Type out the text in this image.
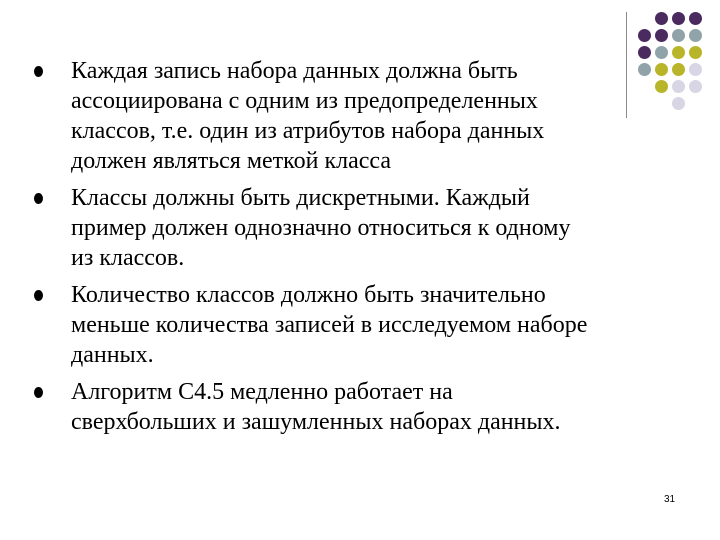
Каждая запись набора данных должна быть
ассоциирована с одним из предопределенных
классов, т.е. один из атрибутов набора данных
должен являться меткой класса
Классы должны быть дискретными. Каждый
пример должен однозначно относиться к одному
из классов.
Количество классов должно быть значительно
меньше количества записей в исследуемом наборе
данных.
Алгоритм C4.5 медленно работает на
сверхбольших и зашумленных наборах данных.
31
